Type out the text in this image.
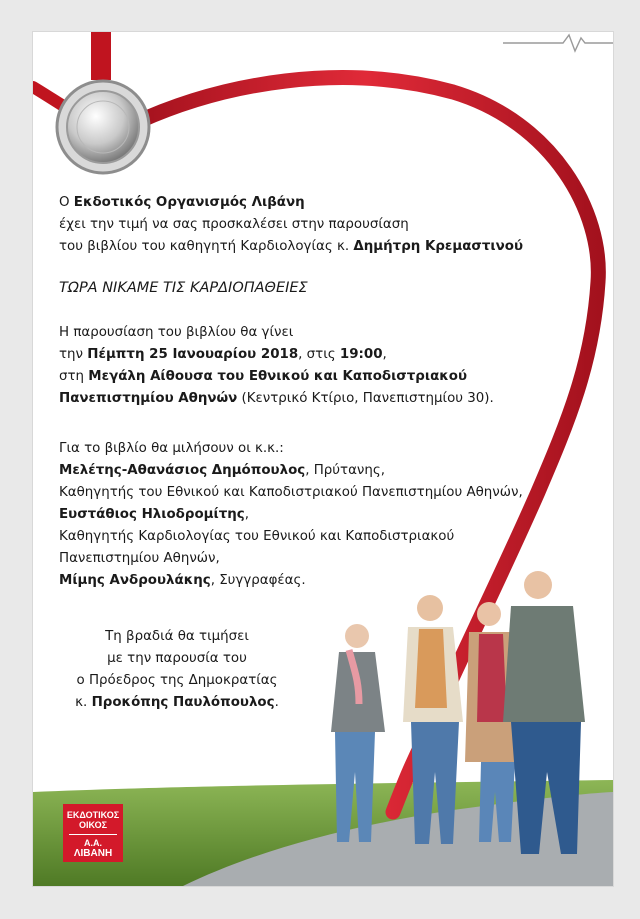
Ο Εκδοτικός Οργανισμός Λιβάνη
έχει την τιμή να σας προσκαλέσει στην παρουσίαση
του βιβλίου του καθηγητή Καρδιολογίας κ. Δημήτρη Κρεμαστινού
ΤΩΡΑ ΝΙΚΑΜΕ ΤΙΣ ΚΑΡΔΙΟΠΑΘΕΙΕΣ
Η παρουσίαση του βιβλίου θα γίνει
την Πέμπτη 25 Ιανουαρίου 2018, στις 19:00,
στη Μεγάλη Αίθουσα του Εθνικού και Καποδιστριακού
Πανεπιστημίου Αθηνών (Κεντρικό Κτίριο, Πανεπιστημίου 30).
Για το βιβλίο θα μιλήσουν οι κ.κ.:
Μελέτης-Αθανάσιος Δημόπουλος, Πρύτανης,
Καθηγητής του Εθνικού και Καποδιστριακού Πανεπιστημίου Αθηνών,
Ευστάθιος Ηλιοδρομίτης,
Καθηγητής Καρδιολογίας του Εθνικού και Καποδιστριακού
Πανεπιστημίου Αθηνών,
Μίμης Ανδρουλάκης, Συγγραφέας.
Τη βραδιά θα τιμήσει
με την παρουσία του
ο Πρόεδρος της Δημοκρατίας
κ. Προκόπης Παυλόπουλος.
ΕΚΔΟΤΙΚΟΣ
ΟΙΚΟΣ
Α.Α.
ΛΙΒΑΝΗ
